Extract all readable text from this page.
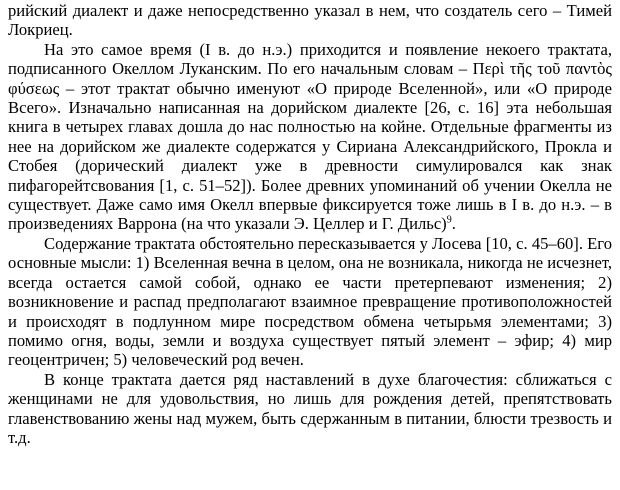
рийский диалект и даже непосредственно указал в нем, что создатель сего – Тимей Локриец.

На это самое время (I в. до н.э.) приходится и появление некоего трактата, подписанного Океллом Луканским. По его начальным словам – Περὶ τῆς τοῦ παντὸς φύσεως – этот трактат обычно именуют «О природе Вселенной», или «О природе Всего». Изначально написанная на дорийском диалекте [26, с. 16] эта небольшая книга в четырех главах дошла до нас полностью на койне. Отдельные фрагменты из нее на дорийском же диалекте содержатся у Сириана Александрийского, Прокла и Стобея (дорический диалект уже в древности симулировался как знак пифагорейтсвования [1, с. 51–52]). Более древних упоминаний об учении Окелла не существует. Даже само имя Окелл впервые фиксируется тоже лишь в I в. до н.э. – в произведениях Варрона (на что указали Э. Целлер и Г. Дильс)$^9$.

Содержание трактата обстоятельно пересказывается у Лосева [10, с. 45–60]. Его основные мысли: 1) Вселенная вечна в целом, она не возникала, никогда не исчезнет, всегда остается самой собой, однако ее части претерпевают изменения; 2) возникновение и распад предполагают взаимное превращение противоположностей и происходят в подлунном мире посредством обмена четырьмя элементами; 3) помимо огня, воды, земли и воздуха существует пятый элемент – эфир; 4) мир геоцентричен; 5) человеческий род вечен.

В конце трактата дается ряд наставлений в духе благочестия: сближаться с женщинами не для удовольствия, но лишь для рождения детей, препятствовать главенствованию жены над мужем, быть сдержанным в питании, блюсти трезвость и т.д.
